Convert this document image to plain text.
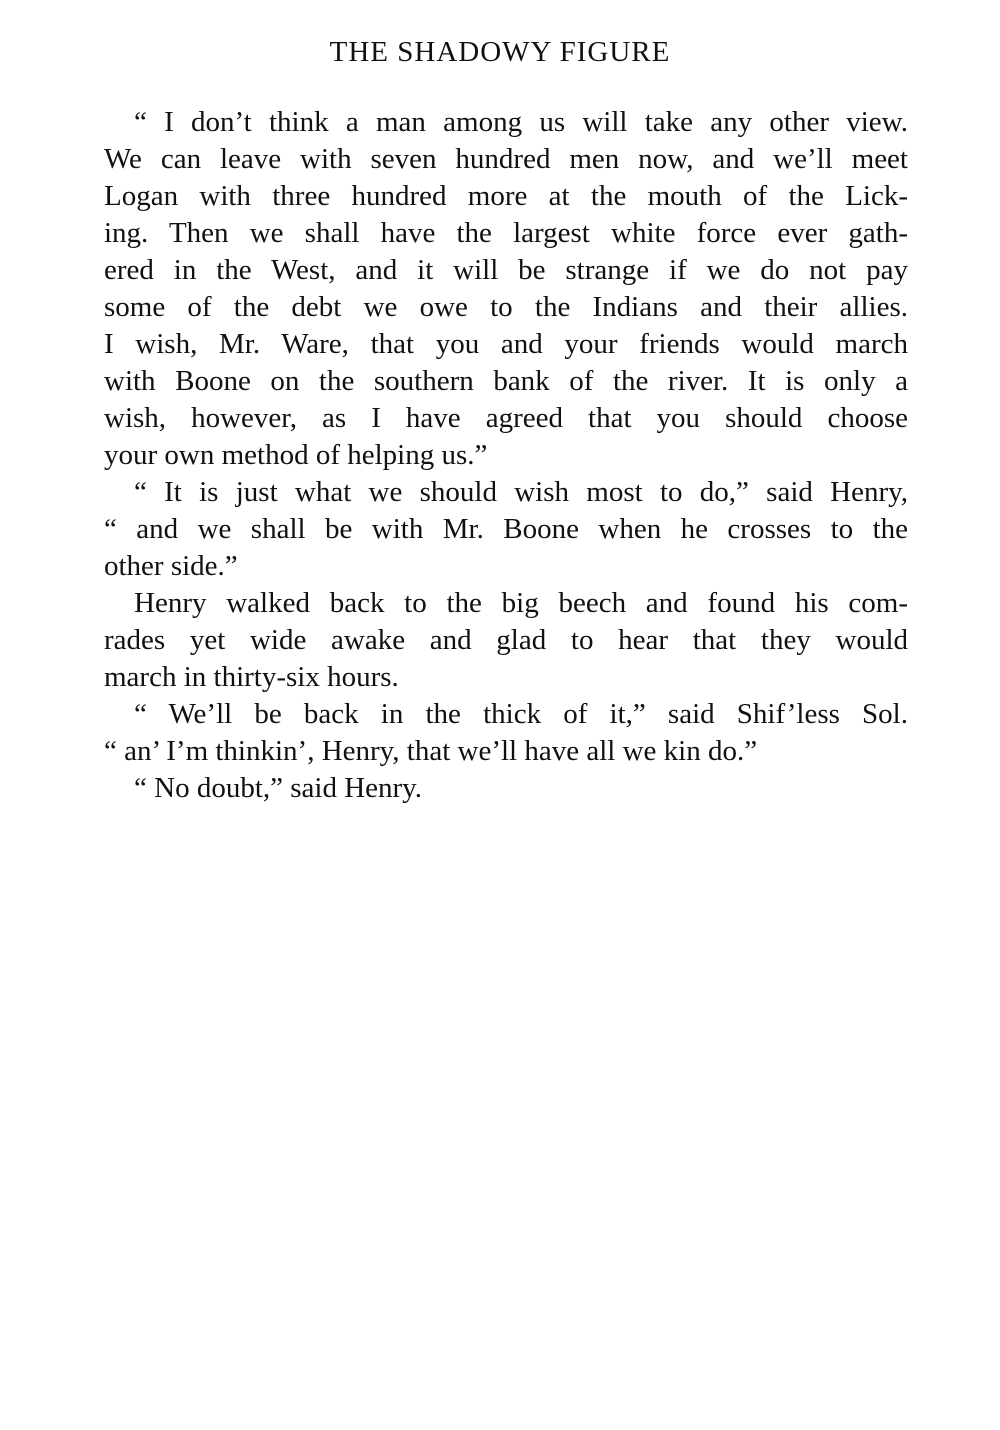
THE SHADOWY FIGURE
“ I don’t think a man among us will take any other view.
We can leave with seven hundred men now, and we’ll meet
Logan with three hundred more at the mouth of the Lick-
ing. Then we shall have the largest white force ever gath-
ered in the West, and it will be strange if we do not pay
some of the debt we owe to the Indians and their allies.
I wish, Mr. Ware, that you and your friends would march
with Boone on the southern bank of the river. It is only a
wish, however, as I have agreed that you should choose
your own method of helping us.”
“ It is just what we should wish most to do,” said Henry,
“ and we shall be with Mr. Boone when he crosses to the
other side.”
Henry walked back to the big beech and found his com-
rades yet wide awake and glad to hear that they would
march in thirty-six hours.
“ We’ll be back in the thick of it,” said Shif’less Sol.
“ an’ I’m thinkin’, Henry, that we’ll have all we kin do.”
“ No doubt,” said Henry.
